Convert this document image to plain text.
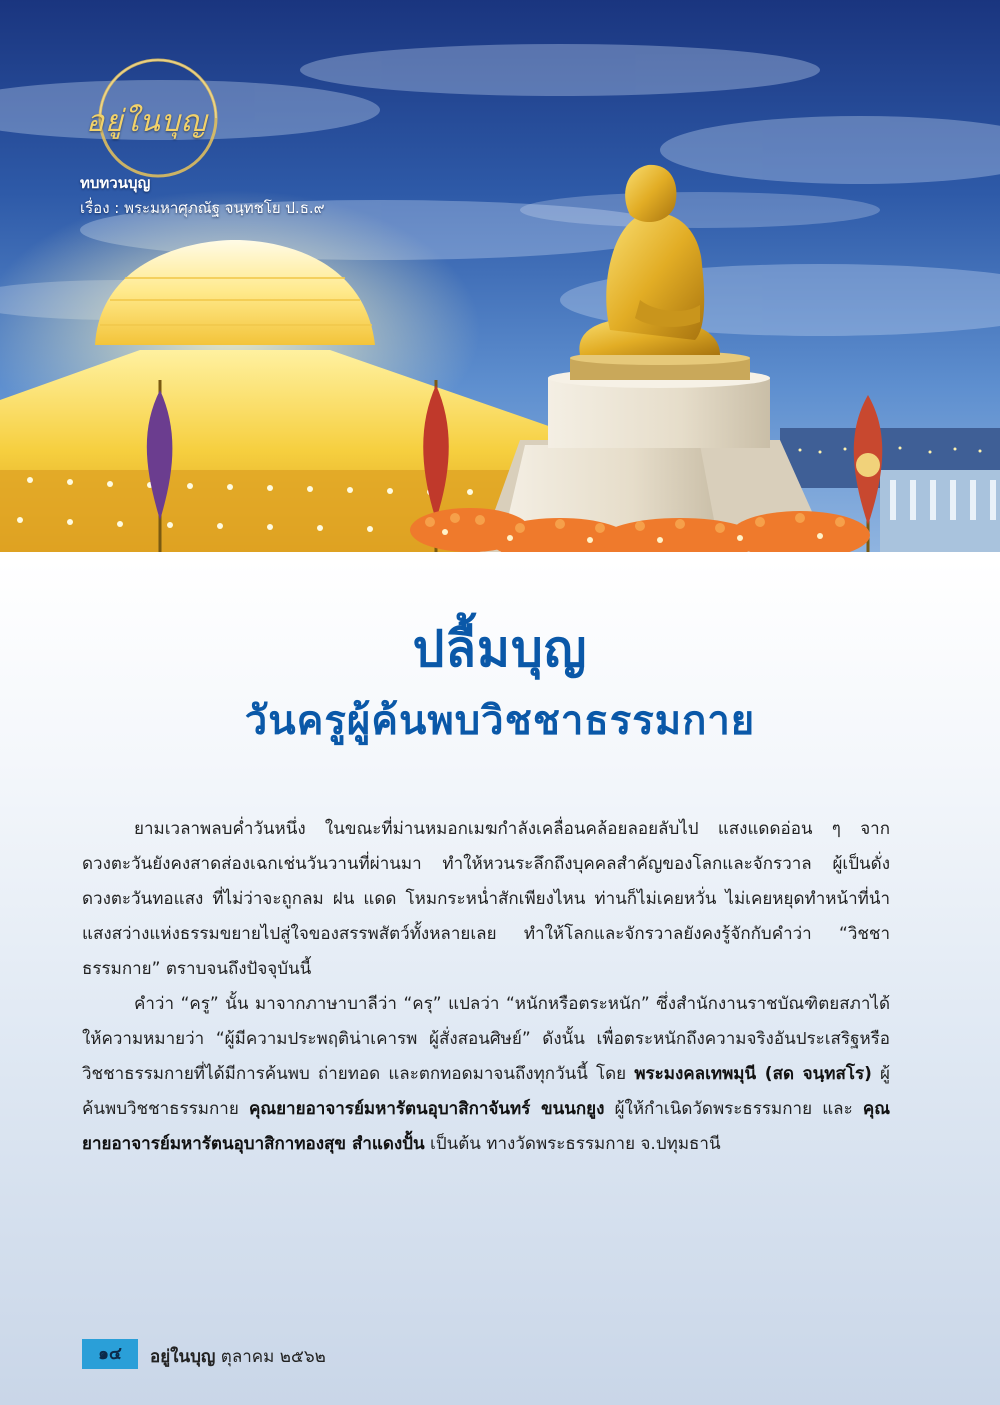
อยู่ในบุญ
ทบทวนบุญ
เรื่อง : พระมหาศุภณัฐ จนฺทชโย ป.ธ.๙
ปลื้มบุญ
วันครูผู้ค้นพบวิชชาธรรมกาย

ยามเวลาพลบค่ำวันหนึ่ง ในขณะที่ม่านหมอกเมฆกำลังเคลื่อนคล้อยลอยลับไป แสงแดดอ่อน ๆ จากดวงตะวันยังคงสาดส่องเฉกเช่นวันวานที่ผ่านมา ทำให้หวนระลึกถึงบุคคลสำคัญของโลกและจักรวาล ผู้เป็นดั่งดวงตะวันทอแสง ที่ไม่ว่าจะถูกลม ฝน แดด โหมกระหน่ำสักเพียงไหน ท่านก็ไม่เคยหวั่น ไม่เคยหยุดทำหน้าที่นำแสงสว่างแห่งธรรมขยายไปสู่ใจของสรรพสัตว์ทั้งหลายเลย ทำให้โลกและจักรวาลยังคงรู้จักกับคำว่า “วิชชาธรรมกาย” ตราบจนถึงปัจจุบันนี้

คำว่า “ครู” นั้น มาจากภาษาบาลีว่า “ครุ” แปลว่า “หนักหรือตระหนัก” ซึ่งสำนักงานราชบัณฑิตยสภาได้ให้ความหมายว่า “ผู้มีความประพฤติน่าเคารพ ผู้สั่งสอนศิษย์” ดังนั้น เพื่อตระหนักถึงความจริงอันประเสริฐหรือวิชชาธรรมกายที่ได้มีการค้นพบ ถ่ายทอด และตกทอดมาจนถึงทุกวันนี้ โดย พระมงคลเทพมุนี (สด จนฺทสโร) ผู้ค้นพบวิชชาธรรมกาย คุณยายอาจารย์มหารัตนอุบาสิกาจันทร์ ขนนกยูง ผู้ให้กำเนิดวัดพระธรรมกาย และ คุณยายอาจารย์มหารัตนอุบาสิกาทองสุข สำแดงปั้น เป็นต้น ทางวัดพระธรรมกาย จ.ปทุมธานี

๑๔	อยู่ในบุญ ตุลาคม ๒๕๖๒
